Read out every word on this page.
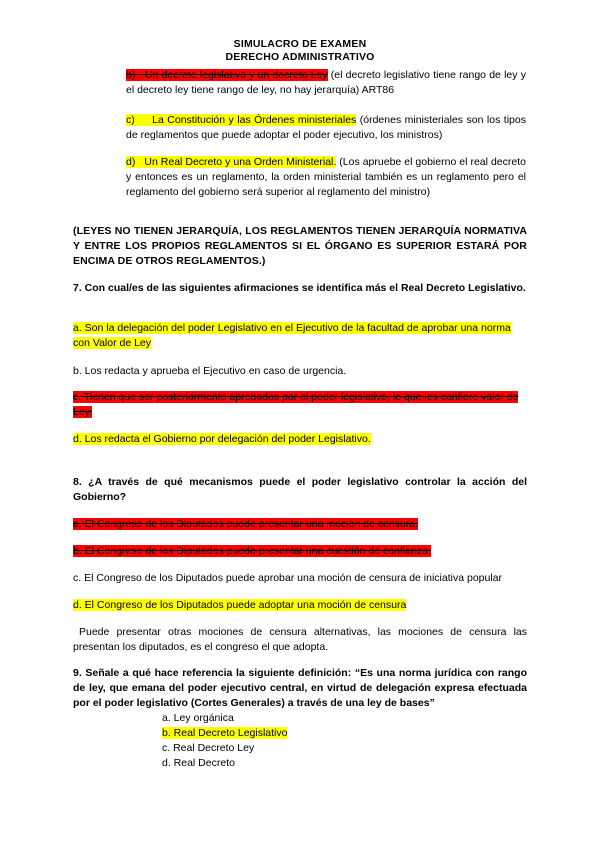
SIMULACRO DE EXAMEN
DERECHO ADMINISTRATIVO
b) Un decreto legislativo y un decreto Ley (el decreto legislativo tiene rango de ley y el decreto ley tiene rango de ley, no hay jerarquía) ART86
c) La Constitución y las Órdenes ministeriales (órdenes ministeriales son los tipos de reglamentos que puede adoptar el poder ejecutivo, los ministros)
d) Un Real Decreto y una Orden Ministerial. (Los apruebe el gobierno el real decreto y entonces es un reglamento, la orden ministerial también es un reglamento pero el reglamento del gobierno será superior al reglamento del ministro)
(LEYES NO TIENEN JERARQUÍA, LOS REGLAMENTOS TIENEN JERARQUÍA NORMATIVA Y ENTRE LOS PROPIOS REGLAMENTOS SI EL ÓRGANO ES SUPERIOR ESTARÁ POR ENCIMA DE OTROS REGLAMENTOS.)
7. Con cual/es de las siguientes afirmaciones se identifica más el Real Decreto Legislativo.
a. Son la delegación del poder Legislativo en el Ejecutivo de la facultad de aprobar una norma con Valor de Ley
b. Los redacta y aprueba el Ejecutivo en caso de urgencia.
c. Tienen que ser posteriormente aprobados por el poder legislativo, lo que les confiere valor de Ley.
d. Los redacta el Gobierno por delegación del poder Legislativo.
8. ¿A través de qué mecanismos puede el poder legislativo controlar la acción del Gobierno?
a. El Congreso de los Diputados puede presentar una moción de censura.
b. El Congreso de los Diputados puede presentar una cuestión de confianza.
c. El Congreso de los Diputados puede aprobar una moción de censura de iniciativa popular
d. El Congreso de los Diputados puede adoptar una moción de censura
Puede presentar otras mociones de censura alternativas, las mociones de censura las presentan los diputados, es el congreso el que adopta.
9. Señale a qué hace referencia la siguiente definición: “Es una norma jurídica con rango de ley, que emana del poder ejecutivo central, en virtud de delegación expresa efectuada por el poder legislativo (Cortes Generales) a través de una ley de bases”
a. Ley orgánica
b. Real Decreto Legislativo
c. Real Decreto Ley
d. Real Decreto
